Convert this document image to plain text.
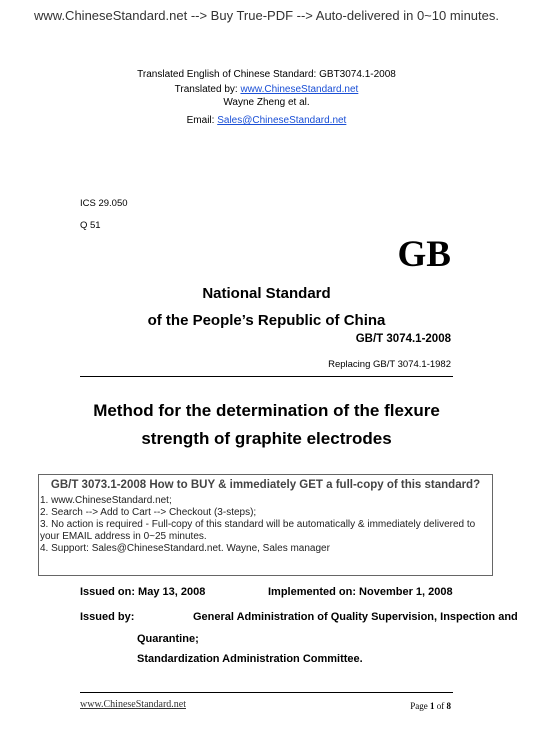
www.ChineseStandard.net --> Buy True-PDF --> Auto-delivered in 0~10 minutes.
Translated English of Chinese Standard: GBT3074.1-2008
Translated by: www.ChineseStandard.net
Wayne Zheng et al.
Email: Sales@ChineseStandard.net
ICS 29.050
Q 51
GB
National Standard
of the People’s Republic of China
GB/T 3074.1-2008
Replacing GB/T 3074.1-1982
Method for the determination of the flexure
strength of graphite electrodes
GB/T 3073.1-2008 How to BUY & immediately GET a full-copy of this standard?
1. www.ChineseStandard.net;
2. Search --> Add to Cart --> Checkout (3-steps);
3. No action is required - Full-copy of this standard will be automatically & immediately delivered to
your EMAIL address in 0~25 minutes.
4. Support: Sales@ChineseStandard.net. Wayne, Sales manager
Issued on: May 13, 2008	Implemented on: November 1, 2008
Issued by:	General Administration of Quality Supervision, Inspection and
Quarantine;
Standardization Administration Committee.
www.ChineseStandard.net	Page 1 of 8
